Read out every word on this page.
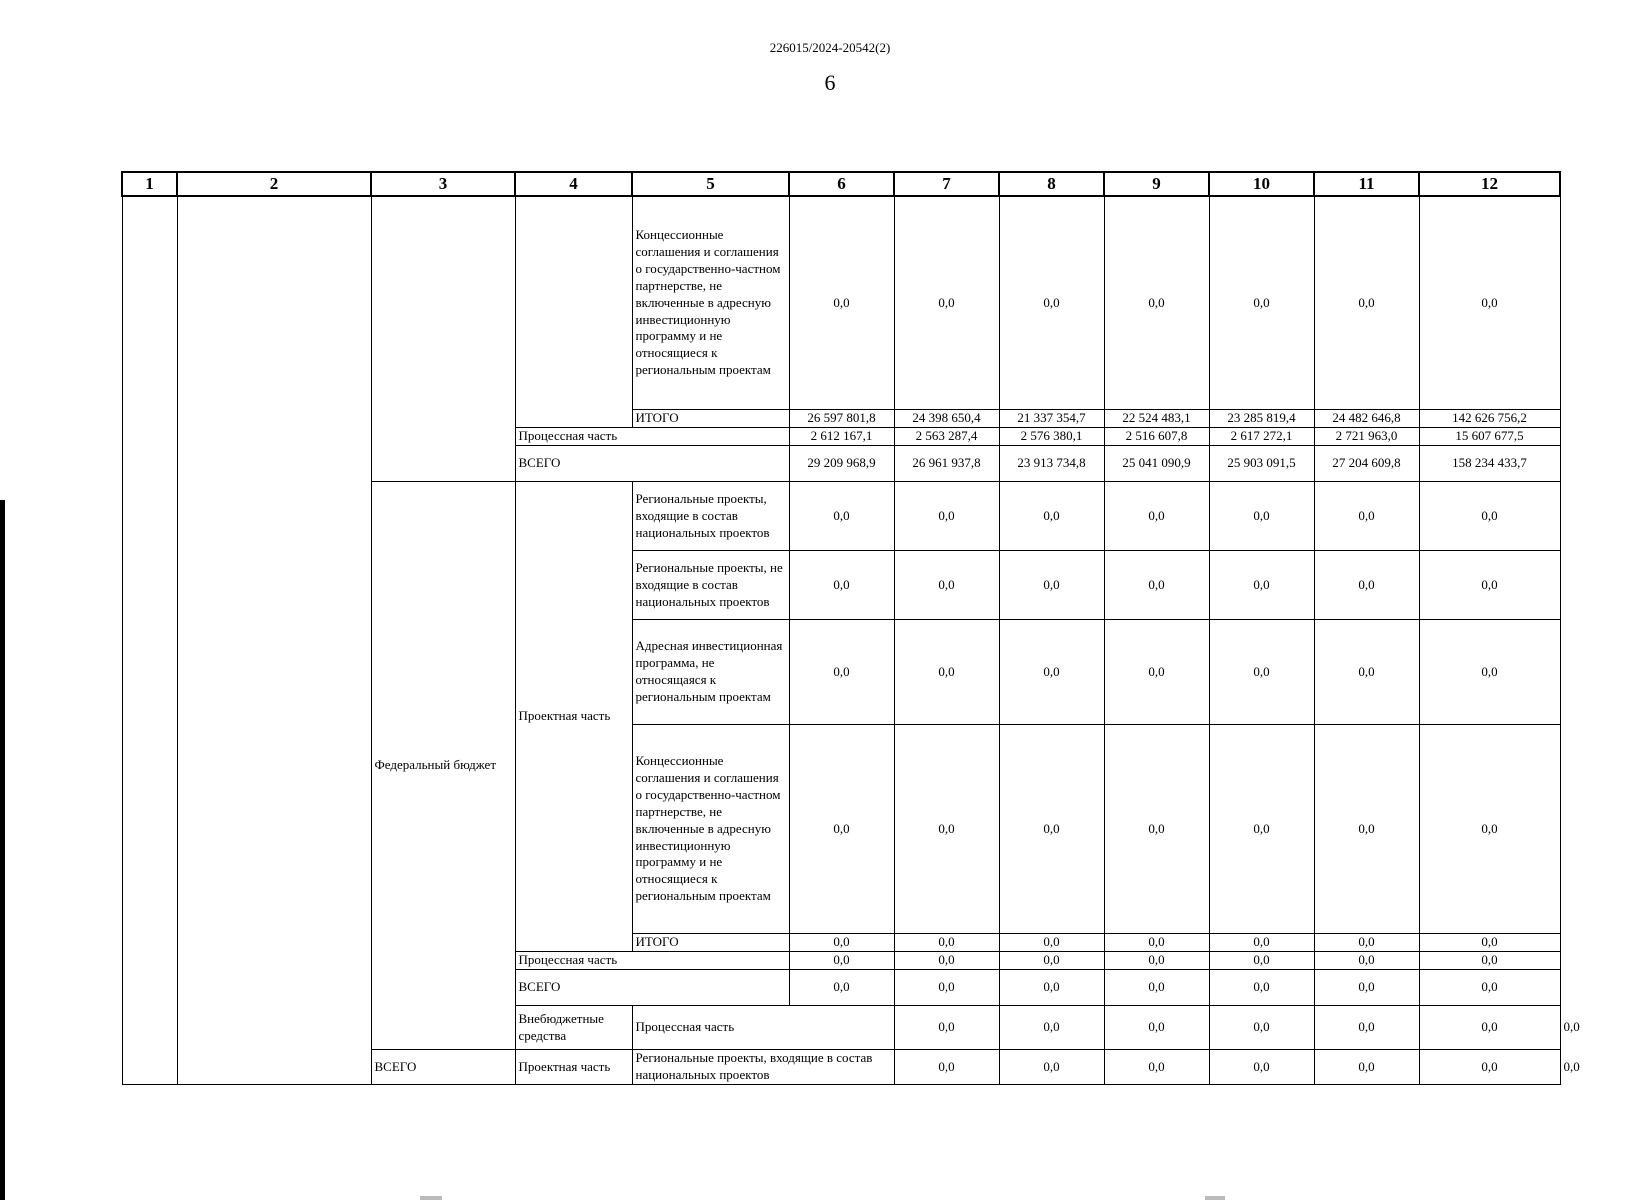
226015/2024-20542(2)
6
1	2	3	4	5	6	7	8	9	10	11	12	
				Концессионные соглашения и соглашения о государственно-частном партнерстве, не включенные в адресную инвестиционную программу и не относящиеся к региональным проектам	0,0	0,0	0,0	0,0	0,0	0,0	0,0	
				ИТОГО	26 597 801,8	24 398 650,4	21 337 354,7	22 524 483,1	23 285 819,4	24 482 646,8	142 626 756,2	
			Процессная часть		2 612 167,1	2 563 287,4	2 576 380,1	2 516 607,8	2 617 272,1	2 721 963,0	15 607 677,5	
			ВСЕГО		29 209 968,9	26 961 937,8	23 913 734,8	25 041 090,9	25 903 091,5	27 204 609,8	158 234 433,7	
		Федеральный бюджет	Проектная часть	Региональные проекты, входящие в состав национальных проектов	0,0	0,0	0,0	0,0	0,0	0,0	0,0	
				Региональные проекты, не входящие в состав национальных проектов	0,0	0,0	0,0	0,0	0,0	0,0	0,0	
				Адресная инвестиционная программа, не относящаяся к региональным проектам	0,0	0,0	0,0	0,0	0,0	0,0	0,0	
				Концессионные соглашения и соглашения о государственно-частном партнерстве, не включенные в адресную инвестиционную программу и не относящиеся к региональным проектам	0,0	0,0	0,0	0,0	0,0	0,0	0,0	
				ИТОГО	0,0	0,0	0,0	0,0	0,0	0,0	0,0	
			Процессная часть		0,0	0,0	0,0	0,0	0,0	0,0	0,0	
			ВСЕГО		0,0	0,0	0,0	0,0	0,0	0,0	0,0	
			Внебюджетные средства	Процессная часть		0,0	0,0	0,0	0,0	0,0	0,0	0,0
		ВСЕГО	Проектная часть	Региональные проекты, входящие в состав национальных проектов		0,0	0,0	0,0	0,0	0,0	0,0	0,0
